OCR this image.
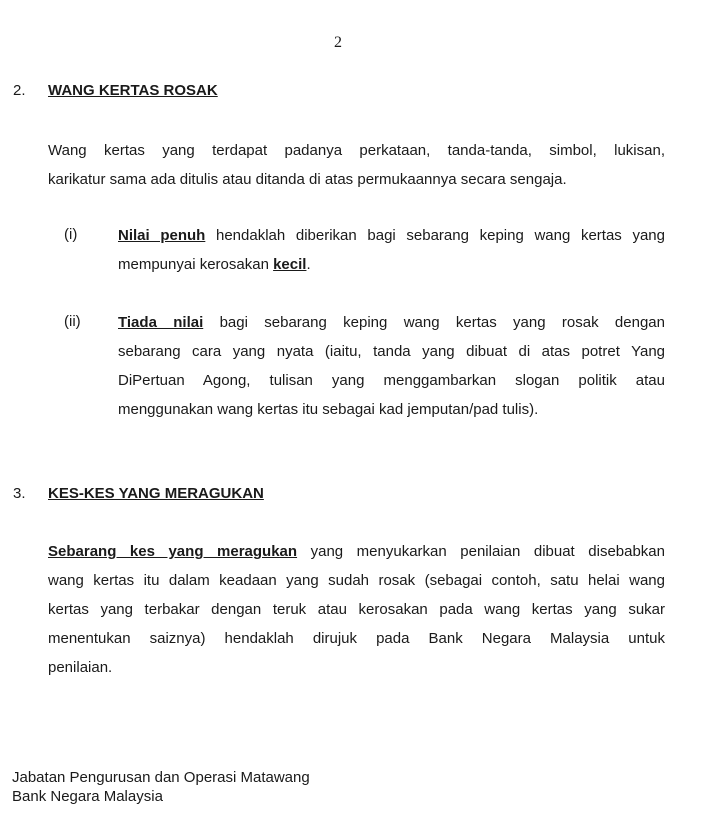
2
2. WANG KERTAS ROSAK
Wang kertas yang terdapat padanya perkataan, tanda-tanda, simbol, lukisan,
karikatur sama ada ditulis atau ditanda di atas permukaannya secara sengaja.
(i)	Nilai penuh hendaklah diberikan bagi sebarang keping wang kertas yang
mempunyai kerosakan kecil.
(ii) Tiada nilai bagi sebarang keping wang kertas yang rosak dengan
sebarang cara yang nyata (iaitu, tanda yang dibuat di atas potret Yang
DiPertuan Agong, tulisan yang menggambarkan slogan politik atau
menggunakan wang kertas itu sebagai kad jemputan/pad tulis).
3. KES-KES YANG MERAGUKAN
Sebarang kes yang meragukan yang menyukarkan penilaian dibuat disebabkan
wang kertas itu dalam keadaan yang sudah rosak (sebagai contoh, satu helai wang
kertas yang terbakar dengan teruk atau kerosakan pada wang kertas yang sukar
menentukan saiznya) hendaklah dirujuk pada Bank Negara Malaysia untuk
penilaian.
Jabatan Pengurusan dan Operasi Matawang
Bank Negara Malaysia
